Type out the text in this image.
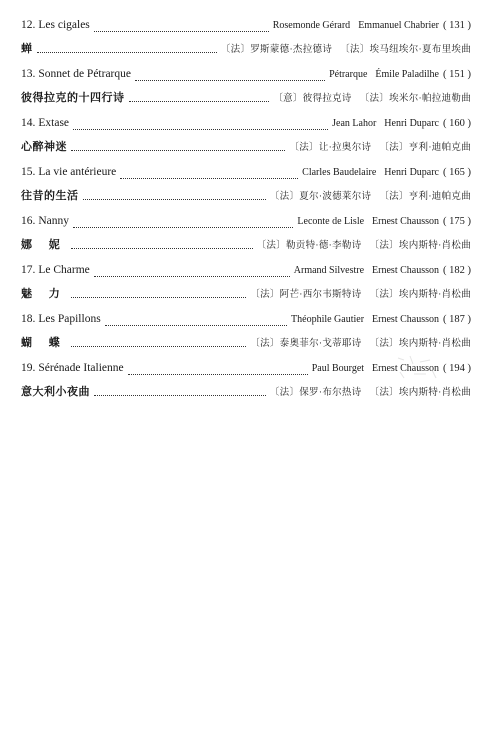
12. Les cigales	Rosemonde Gérard Emmanuel Chabrier ( 131 )
蝉	〔法〕罗斯蒙德·杰拉德诗 〔法〕埃马纽埃尔·夏布里埃曲
13. Sonnet de Pétrarque	Pétrarque Émile Paladilhe ( 151 )
彼得拉克的十四行诗	〔意〕彼得拉克诗 〔法〕埃米尔·帕拉迪勒曲
14. Extase	Jean Lahor Henri Duparc ( 160 )
心醉神迷	〔法〕让·拉奥尔诗 〔法〕亨利·迪帕克曲
15. La vie antérieure	Clarles Baudelaire Henri Duparc ( 165 )
往昔的生活	〔法〕夏尔·波德莱尔诗 〔法〕亨利·迪帕克曲
16. Nanny	Leconte de Lisle Ernest Chausson ( 175 )
娜 妮	〔法〕勒贡特·德·李勒诗 〔法〕埃内斯特·肖松曲
17. Le Charme	Armand Silvestre Ernest Chausson ( 182 )
魅 力	〔法〕阿芒·西尔韦斯特诗 〔法〕埃内斯特·肖松曲
18. Les Papillons	Théophile Gautier Ernest Chausson ( 187 )
蝴 蝶	〔法〕泰奥菲尔·戈蒂耶诗 〔法〕埃内斯特·肖松曲
19. Sérénade Italienne	Paul Bourget Ernest Chausson ( 194 )
意大利小夜曲	〔法〕保罗·布尔热诗 〔法〕埃内斯特·肖松曲
